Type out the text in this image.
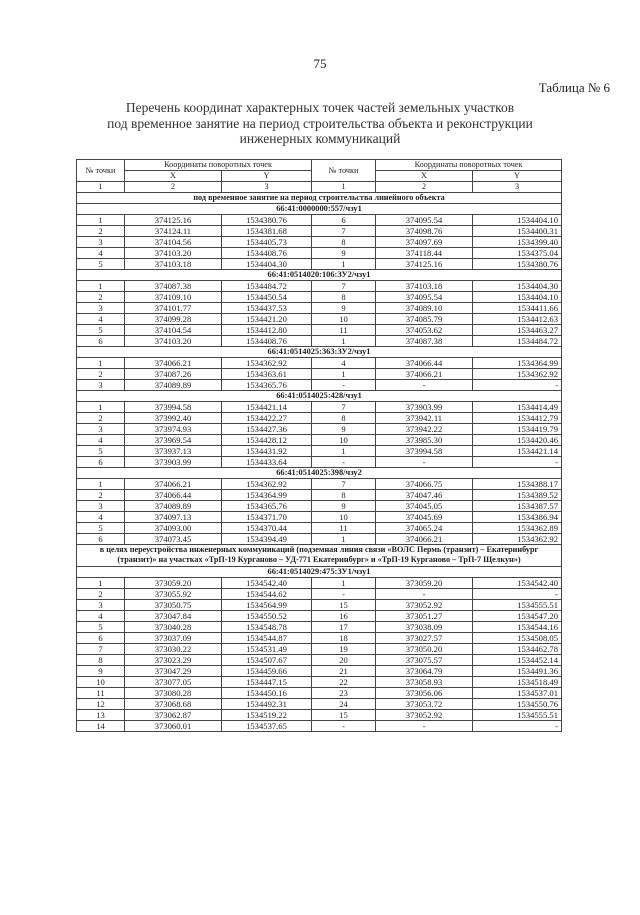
75
Таблица № 6
Перечень координат характерных точек частей земельных участков
под временное занятие на период строительства объекта и реконструкции
инженерных коммуникаций
№ точки	Координаты поворотных точек		№ точки	Координаты поворотных точек	
	X	Y		X	Y
1	2	3	1	2	3
под временное занятие на период строительства линейного объекта					
66:41:0000000:557/чзу1					
1	374125.16	1534380.76	6	374095.54	1534404.10
2	374124.11	1534381.68	7	374098.76	1534400.31
3	374104.56	1534405.73	8	374097.69	1534399.40
4	374103.20	1534408.76	9	374118.44	1534375.04
5	374103.18	1534404.30	1	374125.16	1534380.76
66:41:0514020:106:ЗУ2/чзу1					
1	374087.38	1534484.72	7	374103.18	1534404.30
2	374109.10	1534450.54	8	374095.54	1534404.10
3	374101.77	1534437.53	9	374089.10	1534411.66
4	374099.28	1534421.20	10	374085.79	1534412.63
5	374104.54	1534412.80	11	374053.62	1534463.27
6	374103.20	1534408.76	1	374087.38	1534484.72
66:41:0514025:363:ЗУ2/чзу1					
1	374066.21	1534362.92	4	374066.44	1534364.99
2	374087.26	1534363.61	1	374066.21	1534362.92
3	374089.89	1534365.76	-	-	-
66:41:0514025:428/чзу1					
1	373994.58	1534421.14	7	373903.99	1534414.49
2	373992.40	1534422.27	8	373942.11	1534412.79
3	373974.93	1534427.36	9	373942.22	1534419.79
4	373969.54	1534428.12	10	373985.30	1534420.46
5	373937.13	1534431.92	1	373994.58	1534421.14
6	373903.99	1534433.64	-	-	-
66:41:0514025:398/чзу2					
1	374066.21	1534362.92	7	374066.75	1534388.17
2	374066.44	1534364.99	8	374047.46	1534389.52
3	374089.89	1534365.76	9	374045.05	1534387.57
4	374097.13	1534371.70	10	374045.69	1534386.94
5	374093.00	1534370.44	11	374065.24	1534362.89
6	374073.45	1534394.49	1	374066.21	1534362.92
в целях переустройства инженерных коммуникаций (подземная линия связи «ВОЛС Пермь (транзит) – Екатеринбург (транзит)» на участках «ТрП-19 Курганово – УД-771 Екатеринбург» и «ТрП-19 Курганово – ТрП-7 Щелкун»)					
66:41:0514029:475:ЗУ1/чзу1					
1	373059.20	1534542.40	1	373059.20	1534542.40
2	373055.92	1534544.62	-	-	-
3	373050.75	1534564.99	15	373052.92	1534555.51
4	373047.84	1534550.52	16	373051.27	1534547.20
5	373040.28	1534548.78	17	373038.09	1534544.16
6	373037.09	1534544.87	18	373027.57	1534508.05
7	373030.22	1534531.49	19	373050.20	1534462.78
8	373023.29	1534507.67	20	373075.57	1534452.14
9	373047.29	1534459.66	21	373064.79	1534491.36
10	373077.05	1534447.15	22	373058.93	1534518.49
11	373080.28	1534450.16	23	373056.06	1534537.01
12	373068.68	1534492.31	24	373053.72	1534550.76
13	373062.87	1534519.22	15	373052.92	1534555.51
14	373060.01	1534537.65	-	-	-
